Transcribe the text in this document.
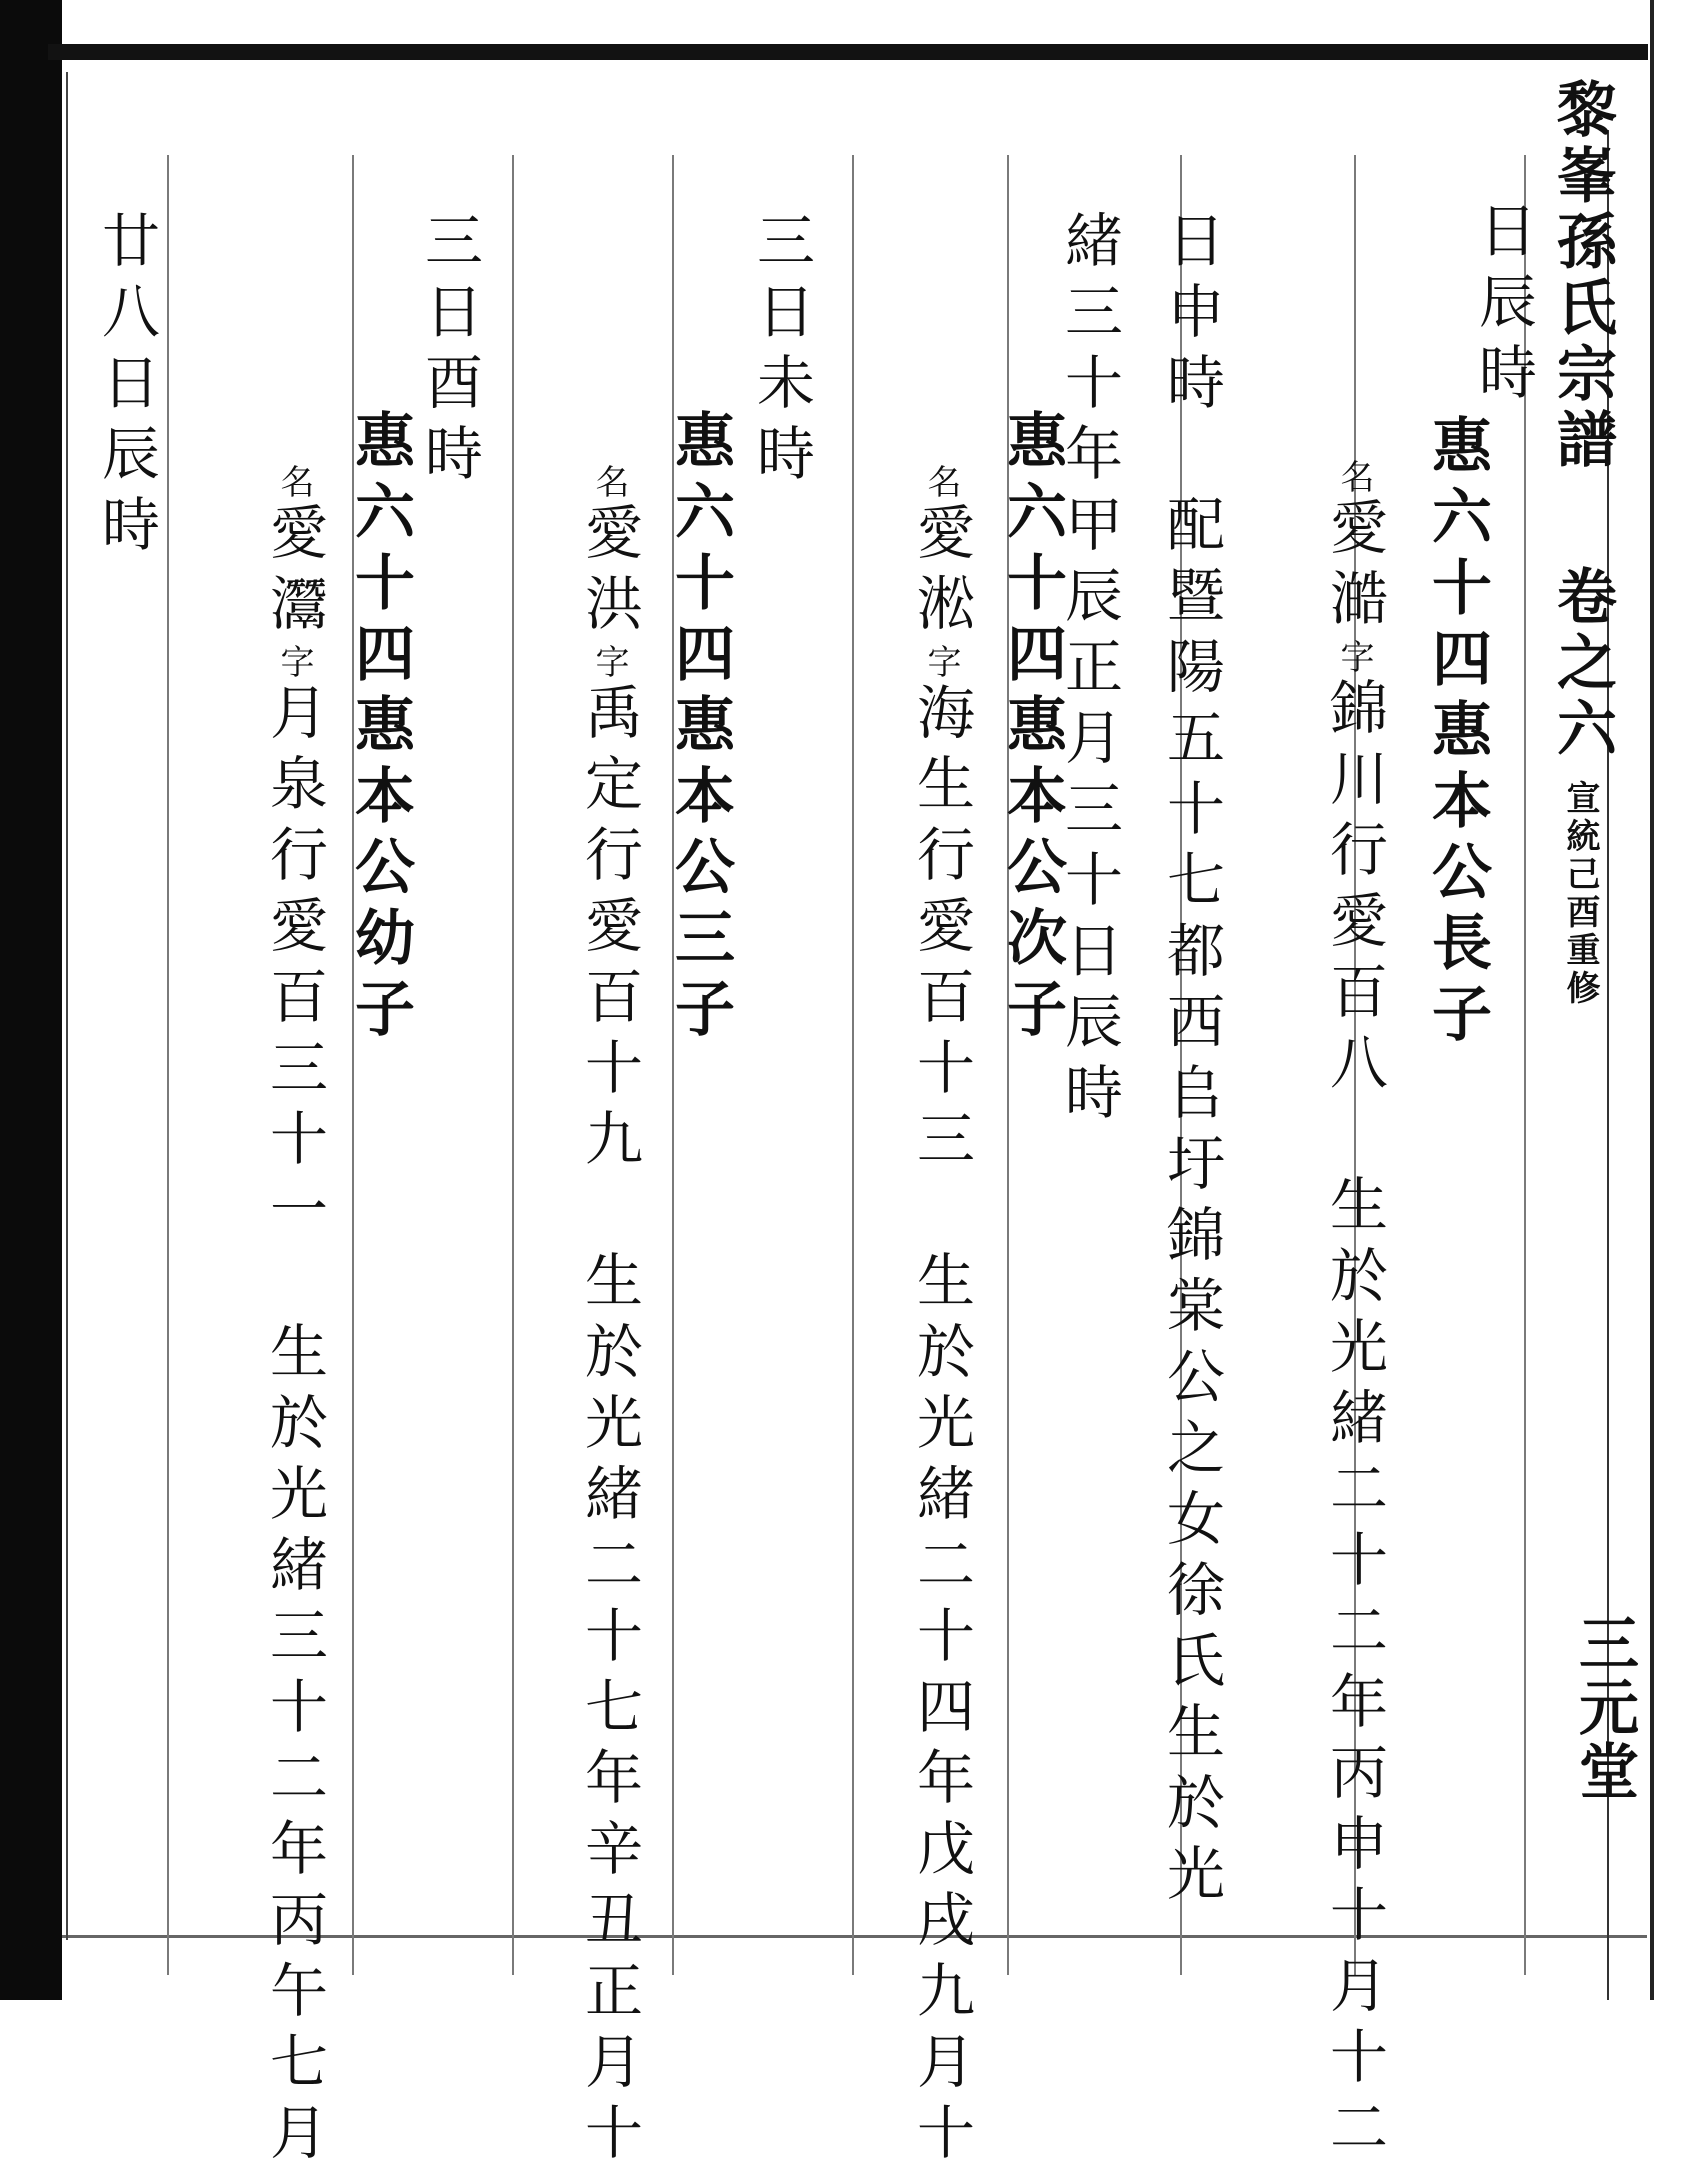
黎峯孫氏宗譜
卷之六
宣統己酉重修
三元堂
日辰時

惠六十四惠本公長子

名愛澔字錦川行愛百八　生於光緒二十二年丙申十月十二

日申時　配暨陽五十七都西𠂤圩錦棠公之女徐氏生於光
緒三十年甲辰正月三十日辰時

惠六十四惠本公次子

名愛淞字海生行愛百十三　生於光緒二十四年戊戌九月十

三日未時

惠六十四惠本公三子

名愛洪字禹定行愛百十九　生於光緒二十七年辛丑正月十

三日酉時

惠六十四惠本公幼子

名愛灊字月泉行愛百三十一　生於光緒三十二年丙午七月

廿八日辰時
